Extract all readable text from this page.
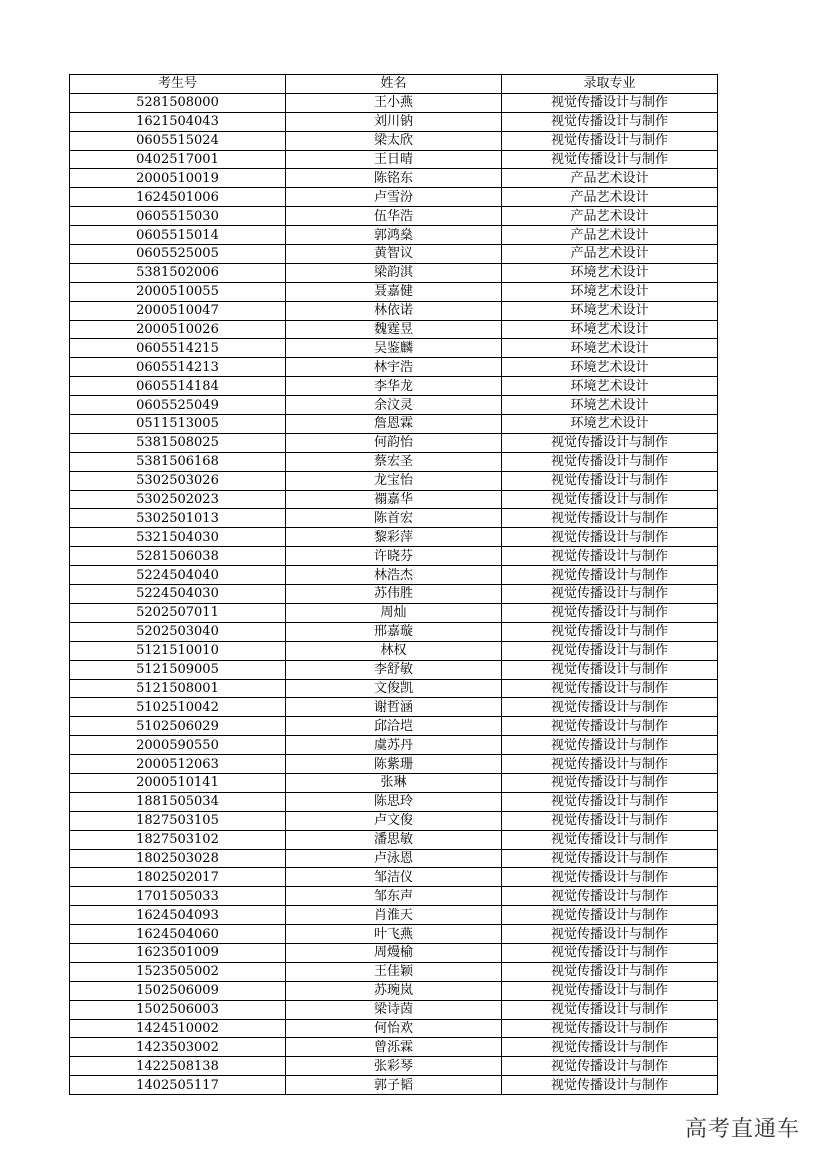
考生号	姓名	录取专业
5281508000	王小燕	视觉传播设计与制作
1621504043	刘川钠	视觉传播设计与制作
0605515024	梁太欣	视觉传播设计与制作
0402517001	王日晴	视觉传播设计与制作
2000510019	陈铭东	产品艺术设计
1624501006	卢雪汾	产品艺术设计
0605515030	伍华浩	产品艺术设计
0605515014	郭鸿燊	产品艺术设计
0605525005	黄智议	产品艺术设计
5381502006	梁韵淇	环境艺术设计
2000510055	聂嘉健	环境艺术设计
2000510047	林依诺	环境艺术设计
2000510026	魏霆昱	环境艺术设计
0605514215	吴鉴麟	环境艺术设计
0605514213	林宇浩	环境艺术设计
0605514184	李华龙	环境艺术设计
0605525049	余汶灵	环境艺术设计
0511513005	詹恩霖	环境艺术设计
5381508025	何韵怡	视觉传播设计与制作
5381506168	蔡宏圣	视觉传播设计与制作
5302503026	龙宝怡	视觉传播设计与制作
5302502023	禤嘉华	视觉传播设计与制作
5302501013	陈首宏	视觉传播设计与制作
5321504030	黎彩萍	视觉传播设计与制作
5281506038	许晓芬	视觉传播设计与制作
5224504040	林浩杰	视觉传播设计与制作
5224504030	苏伟胜	视觉传播设计与制作
5202507011	周灿	视觉传播设计与制作
5202503040	邢嘉璇	视觉传播设计与制作
5121510010	林权	视觉传播设计与制作
5121509005	李舒敏	视觉传播设计与制作
5121508001	文俊凯	视觉传播设计与制作
5102510042	谢哲涵	视觉传播设计与制作
5102506029	邱洽垲	视觉传播设计与制作
2000590550	虞苏丹	视觉传播设计与制作
2000512063	陈紫珊	视觉传播设计与制作
2000510141	张琳	视觉传播设计与制作
1881505034	陈思玲	视觉传播设计与制作
1827503105	卢文俊	视觉传播设计与制作
1827503102	潘思敏	视觉传播设计与制作
1802503028	卢泳恩	视觉传播设计与制作
1802502017	邹洁仪	视觉传播设计与制作
1701505033	邹东声	视觉传播设计与制作
1624504093	肖淮天	视觉传播设计与制作
1624504060	叶飞燕	视觉传播设计与制作
1623501009	周熳榆	视觉传播设计与制作
1523505002	王佳颖	视觉传播设计与制作
1502506009	苏琬岚	视觉传播设计与制作
1502506003	梁诗茵	视觉传播设计与制作
1424510002	何怡欢	视觉传播设计与制作
1423503002	曾泺霖	视觉传播设计与制作
1422508138	张彩琴	视觉传播设计与制作
1402505117	郭子韬	视觉传播设计与制作
高考直通车
